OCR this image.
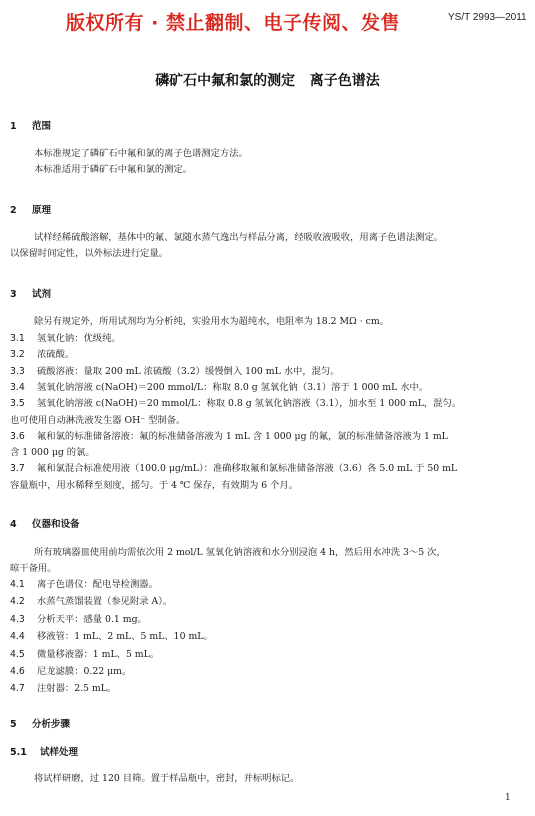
版权所有 · 禁止翻制、电子传阅、发售	YS/T 2993—2011
磷矿石中氟和氯的测定   离子色谱法
1 范围
本标准规定了磷矿石中氟和氯的离子色谱测定方法。
本标准适用于磷矿石中氟和氯的测定。
2 原理
试样经稀硫酸溶解，基体中的氟、氯随水蒸气逸出与样品分离，经吸收液吸收，用离子色谱法测定。
以保留时间定性，以外标法进行定量。
3 试剂
除另有规定外，所用试剂均为分析纯，实验用水为超纯水，电阻率为 18.2 MΩ · cm。
3.1 氢氧化钠：优级纯。
3.2 浓硫酸。
3.3 硫酸溶液：量取 200 mL 浓硫酸（3.2）缓慢倒入 100 mL 水中，混匀。
3.4 氢氧化钠溶液 c(NaOH)＝200 mmol/L：称取 8.0 g 氢氧化钠（3.1）溶于 1 000 mL 水中。
3.5 氢氧化钠溶液 c(NaOH)＝20 mmol/L：称取 0.8 g 氢氧化钠溶液（3.1），加水至 1 000 mL，混匀。
也可使用自动淋洗液发生器 OH⁻ 型制备。
3.6 氟和氯的标准储备溶液：氟的标准储备溶液为 1 mL 含 1 000 μg 的氟，氯的标准储备溶液为 1 mL
含 1 000 μg 的氯。
3.7 氟和氯混合标准使用液（100.0 μg/mL）：准确移取氟和氯标准储备溶液（3.6）各 5.0 mL 于 50 mL
容量瓶中，用水稀释至刻度，摇匀。于 4 ℃ 保存，有效期为 6 个月。
4 仪器和设备
所有玻璃器皿使用前均需依次用 2 mol/L 氢氧化钠溶液和水分别浸泡 4 h，然后用水冲洗 3～5 次，
晾干备用。
4.1 离子色谱仪：配电导检测器。
4.2 水蒸气蒸馏装置（参见附录 A）。
4.3 分析天平：感量 0.1 mg。
4.4 移液管：1 mL、2 mL、5 mL、10 mL。
4.5 微量移液器：1 mL、5 mL。
4.6 尼龙滤膜：0.22 μm。
4.7 注射器：2.5 mL。
5 分析步骤
5.1 试样处理
将试样研磨，过 120 目筛。置于样品瓶中，密封，并标明标记。
1
